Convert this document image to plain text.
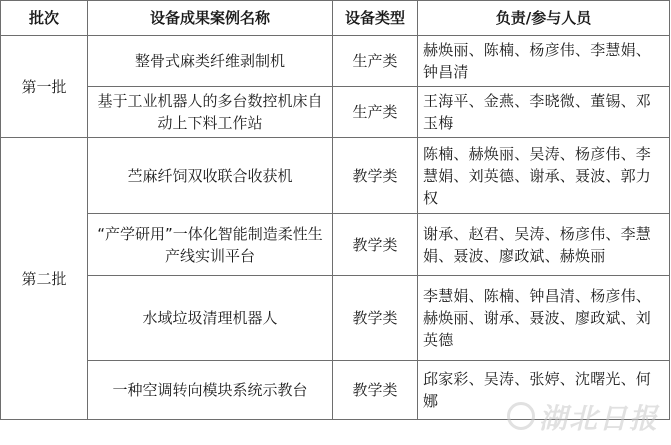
批次	设备成果案例名称	设备类型	负责/参与人员
第一批	整骨式麻类纤维剥制机	生产类	赫焕丽、陈楠、杨彦伟、李慧娟、钟昌清
	基于工业机器人的多台数控机床自动上下料工作站	生产类	王海平、金燕、李晓微、董锡、邓玉梅
第二批	苎麻纤饲双收联合收获机	教学类	陈楠、赫焕丽、吴涛、杨彦伟、李慧娟、刘英德、谢承、聂波、郭力权
	“产学研用”一体化智能制造柔性生产线实训平台	教学类	谢承、赵君、吴涛、杨彦伟、李慧娟、聂波、廖政斌、赫焕丽
	水域垃圾清理机器人	教学类	李慧娟、陈楠、钟昌清、杨彦伟、赫焕丽、谢承、聂波、廖政斌、刘英德
	一种空调转向模块系统示教台	教学类	邱家彩、吴涛、张婷、沈曙光、何娜
湖北日报
